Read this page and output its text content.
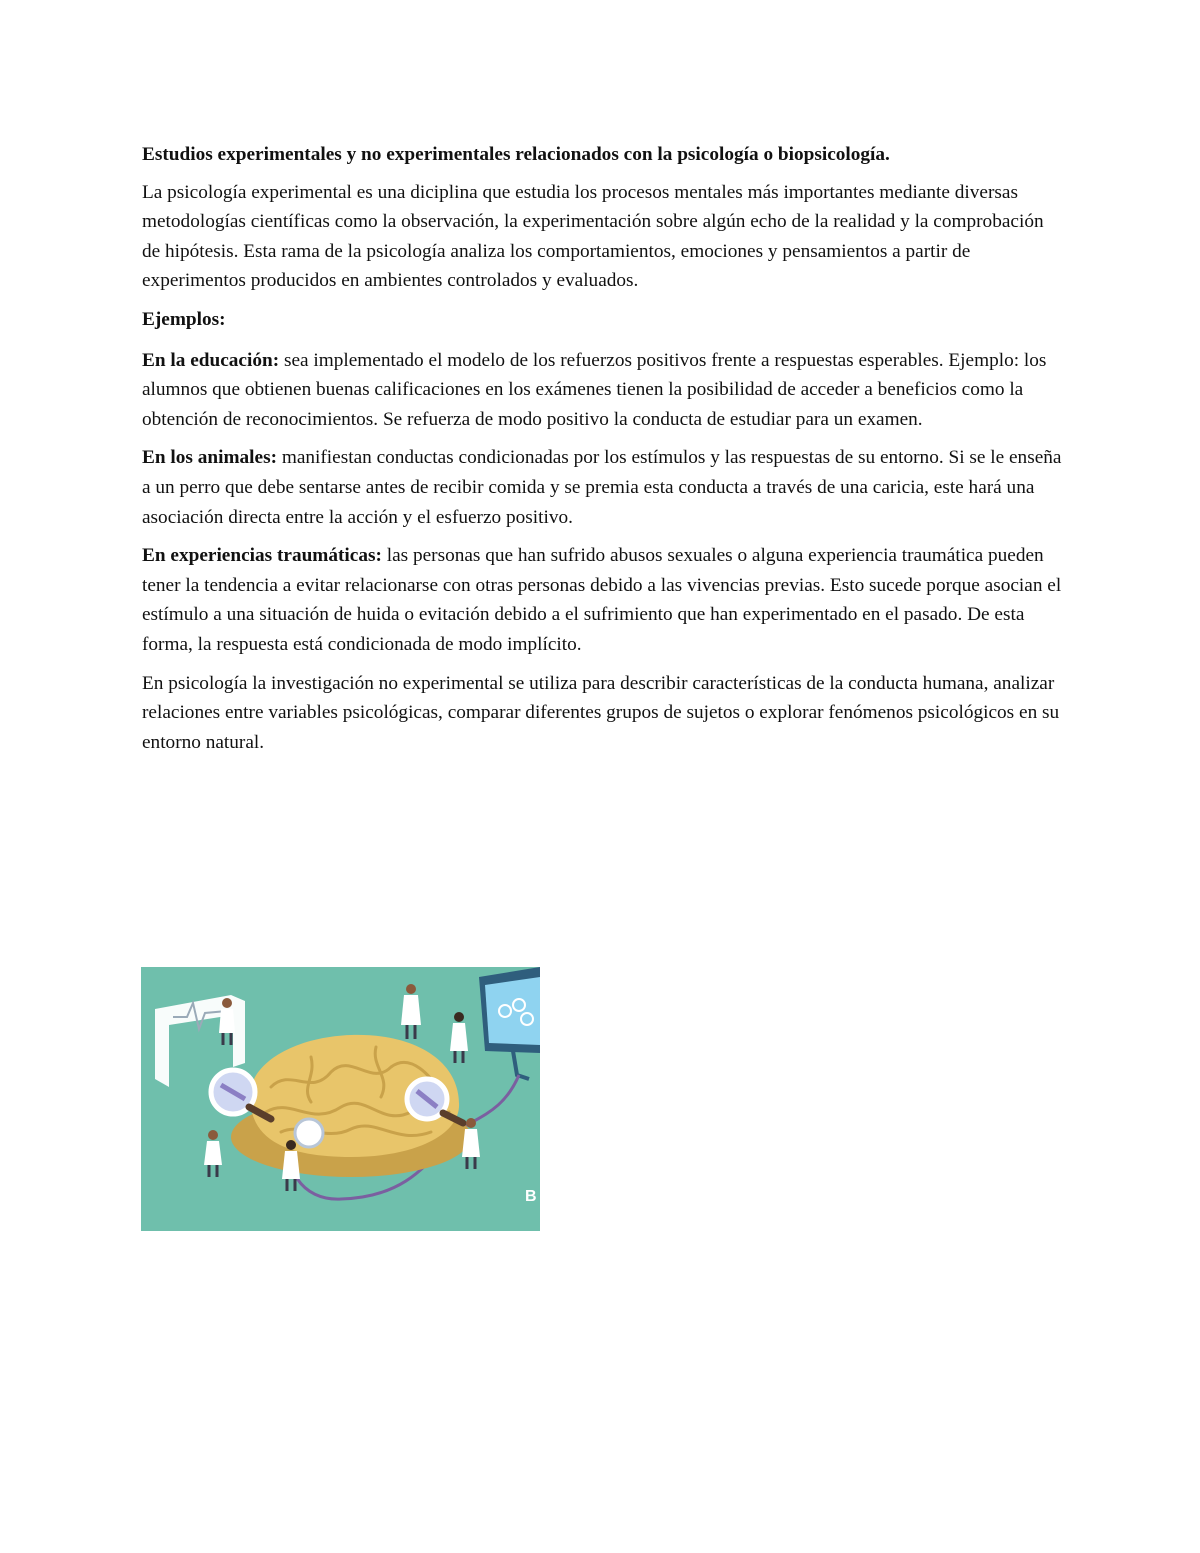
Estudios experimentales y no experimentales relacionados con la psicología o biopsicología.

La psicología experimental es una diciplina que estudia los procesos mentales más importantes mediante diversas metodologías científicas como la observación, la experimentación sobre algún echo de la realidad y la comprobación de hipótesis. Esta rama de la psicología analiza los comportamientos, emociones y pensamientos a partir de experimentos producidos en ambientes controlados y evaluados.

Ejemplos:

En la educación: sea implementado el modelo de los refuerzos positivos frente a respuestas esperables. Ejemplo: los alumnos que obtienen buenas calificaciones en los exámenes tienen la posibilidad de acceder a beneficios como la obtención de reconocimientos. Se refuerza de modo positivo la conducta de estudiar para un examen.

En los animales: manifiestan conductas condicionadas por los estímulos y las respuestas de su entorno. Si se le enseña a un perro que debe sentarse antes de recibir comida y se premia esta conducta a través de una caricia, este hará una asociación directa entre la acción y el esfuerzo positivo.

En experiencias traumáticas: las personas que han sufrido abusos sexuales o alguna experiencia traumática pueden tener la tendencia a evitar relacionarse con otras personas debido a las vivencias previas. Esto sucede porque asocian el estímulo a una situación de huida o evitación debido a el sufrimiento que han experimentado en el pasado. De esta forma, la respuesta está condicionada de modo implícito.

En psicología la investigación no experimental se utiliza para describir características de la conducta humana, analizar relaciones entre variables psicológicas, comparar diferentes grupos de sujetos o explorar fenómenos psicológicos en su entorno natural.

B
